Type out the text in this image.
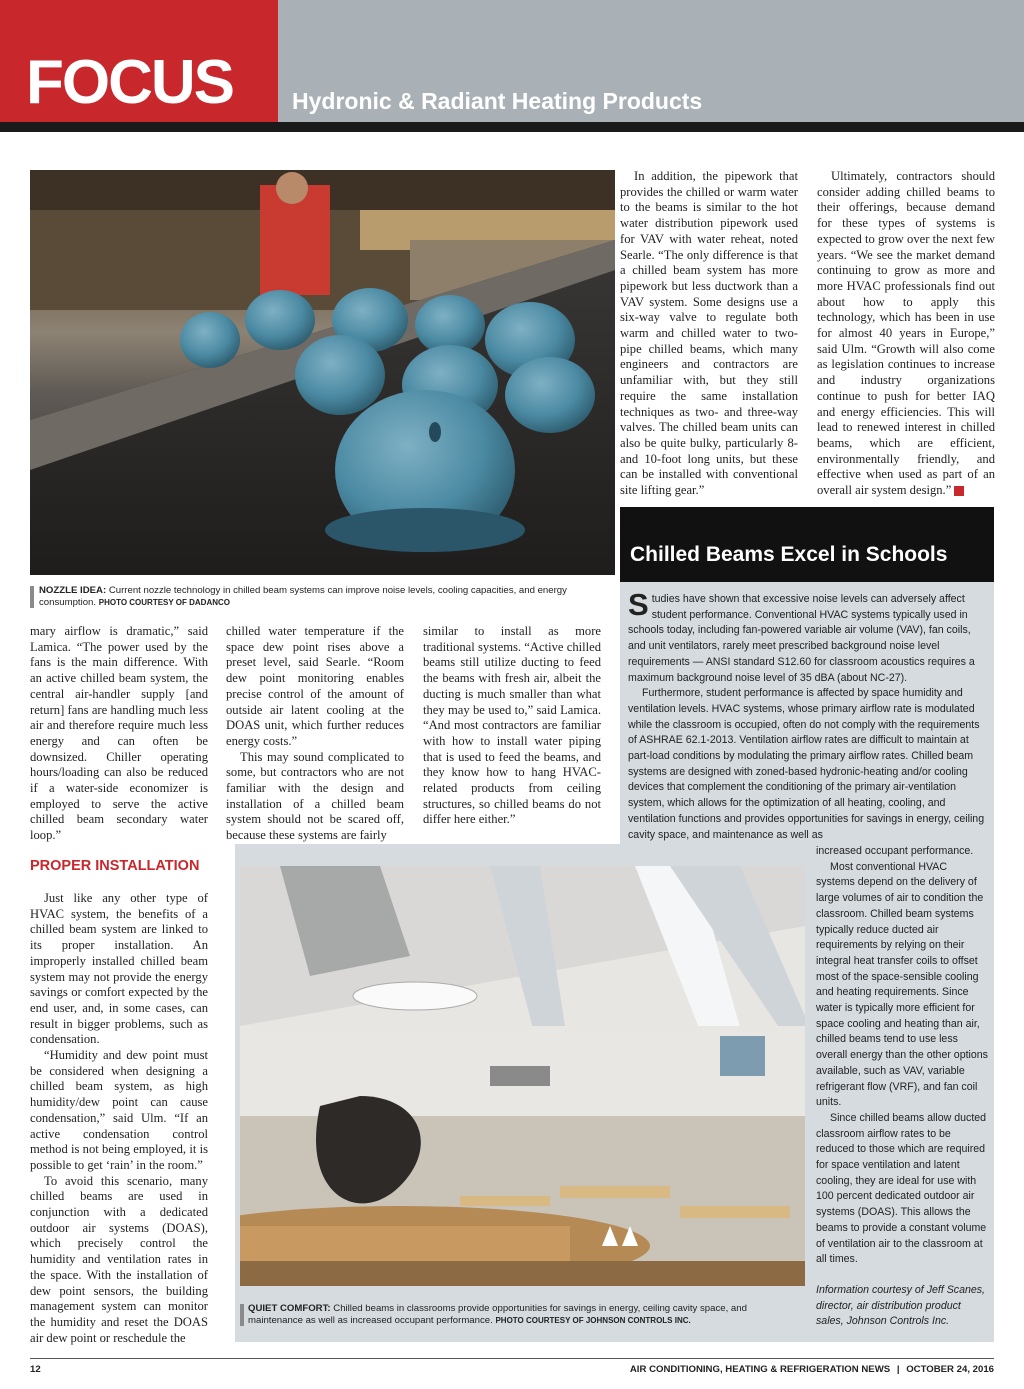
FOCUS	Hydronic & Radiant Heating Products
NOZZLE IDEA: Current nozzle technology in chilled beam systems can improve noise levels, cooling capacities, and energy consumption. PHOTO COURTESY OF DADANCO

In addition, the pipework that provides the chilled or warm water to the beams is similar to the hot water distribution pipework used for VAV with water reheat, noted Searle. “The only difference is that a chilled beam system has more pipework but less ductwork than a VAV system. Some designs use a six-way valve to regulate both warm and chilled water to two-pipe chilled beams, which many engineers and contractors are unfamiliar with, but they still require the same installation techniques as two- and three-way valves. The chilled beam units can also be quite bulky, particularly 8- and 10-foot long units, but these can be installed with conventional site lifting gear.”

Ultimately, contractors should consider adding chilled beams to their offerings, because demand for these types of systems is expected to grow over the next few years. “We see the market demand continuing to grow as more and more HVAC professionals find out about how to apply this technology, which has been in use for almost 40 years in Europe,” said Ulm. “Growth will also come as legislation continues to increase and industry organizations continue to push for better IAQ and energy efficiencies. This will lead to renewed interest in chilled beams, which are efficient, environmentally friendly, and effective when used as part of an overall air system design.” N

Chilled Beams Excel in Schools

Studies have shown that excessive noise levels can adversely affect student performance. Conventional HVAC systems typically used in schools today, including fan-powered variable air volume (VAV), fan coils, and unit ventilators, rarely meet prescribed background noise level requirements — ANSI standard S12.60 for classroom acoustics requires a maximum background noise level of 35 dBA (about NC-27).

Furthermore, student performance is affected by space humidity and ventilation levels. HVAC systems, whose primary airflow rate is modulated while the classroom is occupied, often do not comply with the requirements of ASHRAE 62.1-2013. Ventilation airflow rates are difficult to maintain at part-load conditions by modulating the primary airflow rates. Chilled beam systems are designed with zoned-based hydronic-heating and/or cooling devices that complement the conditioning of the primary air-ventilation system, which allows for the optimization of all heating, cooling, and ventilation functions and provides opportunities for savings in energy, ceiling cavity space, and maintenance as well as

increased occupant performance.

Most conventional HVAC systems depend on the delivery of large volumes of air to condition the classroom. Chilled beam systems typically reduce ducted air requirements by relying on their integral heat transfer coils to offset most of the space-sensible cooling and heating requirements. Since water is typically more efficient for space cooling and heating than air, chilled beams tend to use less overall energy than the other options available, such as VAV, variable refrigerant flow (VRF), and fan coil units.

Since chilled beams allow ducted classroom airflow rates to be reduced to those which are required for space ventilation and latent cooling, they are ideal for use with 100 percent dedicated outdoor air systems (DOAS). This allows the beams to provide a constant volume of ventilation air to the classroom at all times.

Information courtesy of Jeff Scanes, director, air distribution product sales, Johnson Controls Inc.

QUIET COMFORT: Chilled beams in classrooms provide opportunities for savings in energy, ceiling cavity space, and maintenance as well as increased occupant performance. PHOTO COURTESY OF JOHNSON CONTROLS INC.

mary airflow is dramatic,” said Lamica. “The power used by the fans is the main difference. With an active chilled beam system, the central air-handler supply [and return] fans are handling much less air and therefore require much less energy and can often be downsized. Chiller operating hours/loading can also be reduced if a water-side economizer is employed to serve the active chilled beam secondary water loop.”

PROPER INSTALLATION

Just like any other type of HVAC system, the benefits of a chilled beam system are linked to its proper installation. An improperly installed chilled beam system may not provide the energy savings or comfort expected by the end user, and, in some cases, can result in bigger problems, such as condensation.

“Humidity and dew point must be considered when designing a chilled beam system, as high humidity/dew point can cause condensation,” said Ulm. “If an active condensation control method is not being employed, it is possible to get ‘rain’ in the room.”

To avoid this scenario, many chilled beams are used in conjunction with a dedicated outdoor air systems (DOAS), which precisely control the humidity and ventilation rates in the space. With the installation of dew point sensors, the building management system can monitor the humidity and reset the DOAS air dew point or reschedule the

chilled water temperature if the space dew point rises above a preset level, said Searle. “Room dew point monitoring enables precise control of the amount of outside air latent cooling at the DOAS unit, which further reduces energy costs.”

This may sound complicated to some, but contractors who are not familiar with the design and installation of a chilled beam system should not be scared off, because these systems are fairly

similar to install as more traditional systems. “Active chilled beams still utilize ducting to feed the beams with fresh air, albeit the ducting is much smaller than what they may be used to,” said Lamica. “And most contractors are familiar with how to install water piping that is used to feed the beams, and they know how to hang HVAC-related products from ceiling structures, so chilled beams do not differ here either.”

12	AIR CONDITIONING, HEATING & REFRIGERATION NEWS | OCTOBER 24, 2016
